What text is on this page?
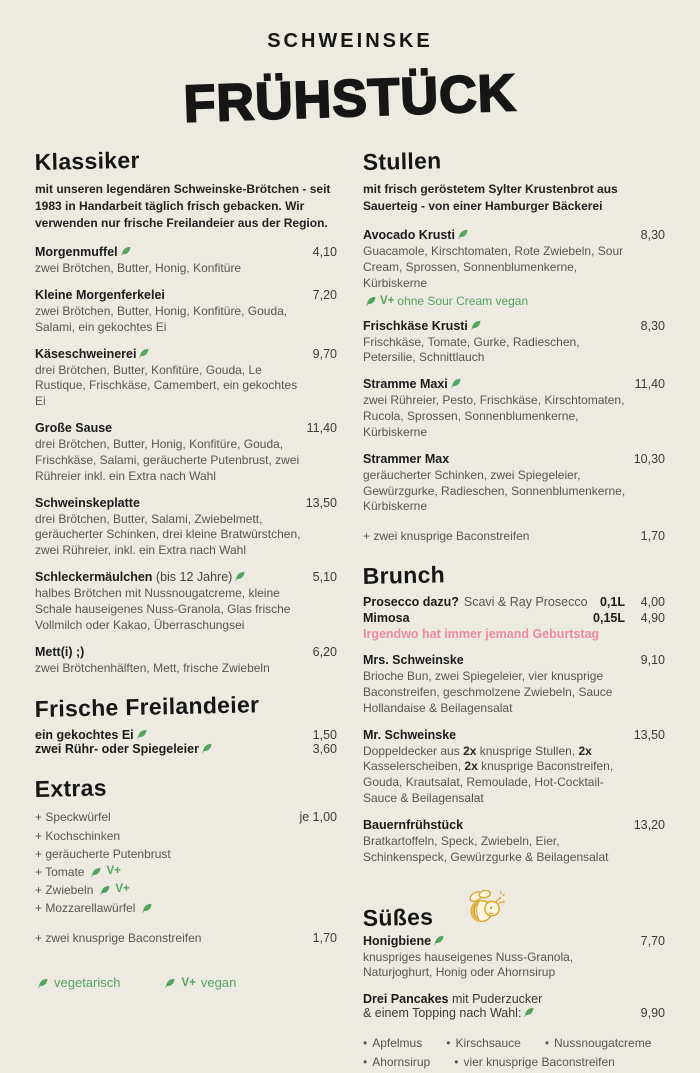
SCHWEINSKE
FRÜHSTÜCK
Klassiker
mit unseren legendären Schweinske-Brötchen - seit 1983 in Handarbeit täglich frisch gebacken. Wir verwenden nur frische Freilandeier aus der Region.
Morgenmuffel	4,10
zwei Brötchen, Butter, Honig, Konfitüre
Kleine Morgenferkelei	7,20
zwei Brötchen, Butter, Honig, Konfitüre, Gouda, Salami, ein gekochtes Ei
Käseschweinerei	9,70
drei Brötchen, Butter, Konfitüre, Gouda, Le Rustique, Frischkäse, Camembert, ein gekochtes Ei
Große Sause	11,40
drei Brötchen, Butter, Honig, Konfitüre, Gouda, Frischkäse, Salami, geräucherte Putenbrust, zwei Rühreier inkl. ein Extra nach Wahl
Schweinskeplatte	13,50
drei Brötchen, Butter, Salami, Zwiebelmett, geräucherter Schinken, drei kleine Bratwürstchen, zwei Rühreier, inkl. ein Extra nach Wahl
Schleckermäulchen (bis 12 Jahre)	5,10
halbes Brötchen mit Nussnougatcreme, kleine Schale hauseigenes Nuss-Granola, Glas frische Vollmilch oder Kakao, Überraschungsei
Mett(i) ;)	6,20
zwei Brötchenhälften, Mett, frische Zwiebeln
Frische Freilandeier
ein gekochtes Ei	1,50
zwei Rühr- oder Spiegeleier	3,60
Extras
+ Speckwürfel	je 1,00
+ Kochschinken
+ geräucherte Putenbrust
+ Tomate V+
+ Zwiebeln V+
+ Mozzarellawürfel
+ zwei knusprige Baconstreifen	1,70
vegetarisch	V+ vegan
Stullen
mit frisch geröstetem Sylter Krustenbrot aus Sauerteig - von einer Hamburger Bäckerei
Avocado Krusti	8,30
Guacamole, Kirschtomaten, Rote Zwiebeln, Sour Cream, Sprossen, Sonnenblumenkerne, Kürbiskerne
V+ ohne Sour Cream vegan
Frischkäse Krusti	8,30
Frischkäse, Tomate, Gurke, Radieschen, Petersilie, Schnittlauch
Stramme Maxi	11,40
zwei Rühreier, Pesto, Frischkäse, Kirschtomaten, Rucola, Sprossen, Sonnenblumenkerne, Kürbiskerne
Strammer Max	10,30
geräucherter Schinken, zwei Spiegeleier, Gewürzgurke, Radieschen, Sonnenblumenkerne, Kürbiskerne
+ zwei knusprige Baconstreifen	1,70
Brunch
Prosecco dazu? Scavi & Ray Prosecco 0,1L	4,00
Mimosa	0,15L	4,90
Irgendwo hat immer jemand Geburtstag
Mrs. Schweinske	9,10
Brioche Bun, zwei Spiegeleier, vier knusprige Baconstreifen, geschmolzene Zwiebeln, Sauce Hollandaise & Beilagensalat
Mr. Schweinske	13,50
Doppeldecker aus 2x knusprige Stullen, 2x Kasselerscheiben, 2x knusprige Baconstreifen, Gouda, Krautsalat, Remoulade, Hot-Cocktail-Sauce & Beilagensalat
Bauernfrühstück	13,20
Bratkartoffeln, Speck, Zwiebeln, Eier, Schinkenspeck, Gewürzgurke & Beilagensalat
Süßes
Honigbiene	7,70
knuspriges hauseigenes Nuss-Granola, Naturjoghurt, Honig oder Ahornsirup
Drei Pancakes mit Puderzucker
& einem Topping nach Wahl:	9,90
• Apfelmus • Kirschsauce • Nussnougatcreme
• Ahornsirup • vier knusprige Baconstreifen
